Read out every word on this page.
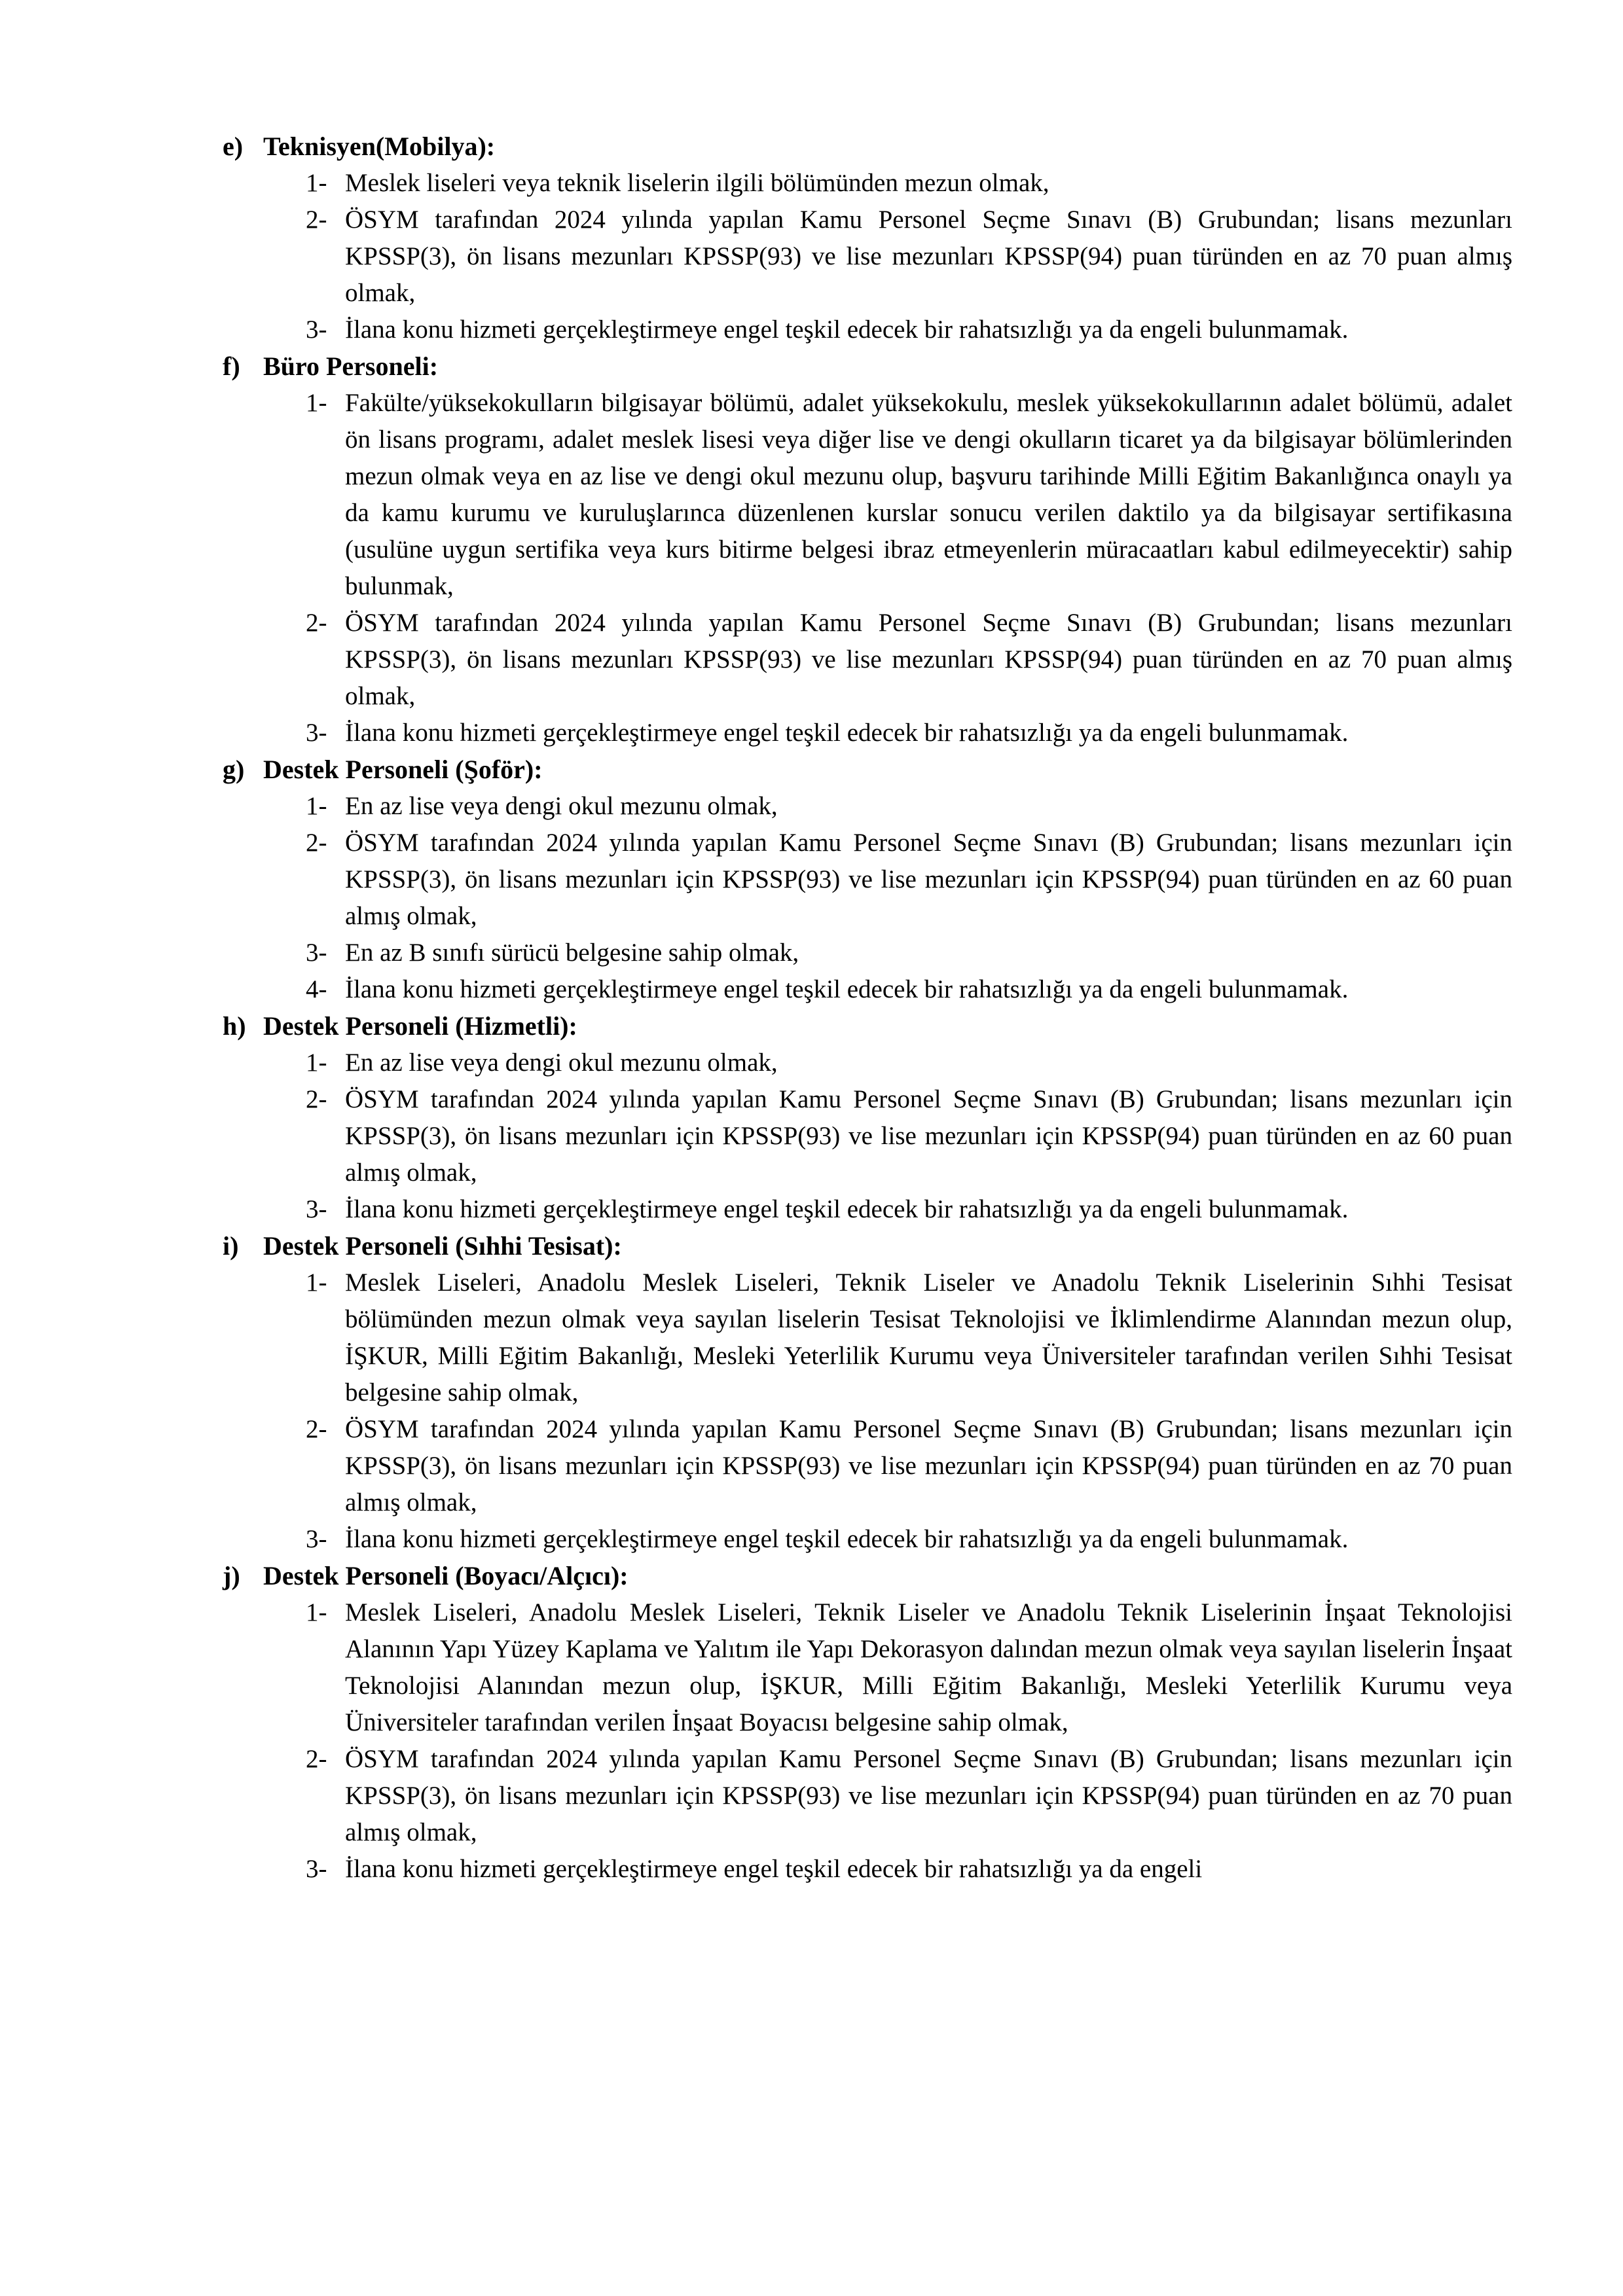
e) Teknisyen(Mobilya):
1- Meslek liseleri veya teknik liselerin ilgili bölümünden mezun olmak,
2- ÖSYM tarafından 2024 yılında yapılan Kamu Personel Seçme Sınavı (B) Grubundan; lisans mezunları KPSSP(3), ön lisans mezunları KPSSP(93) ve lise mezunları KPSSP(94) puan türünden en az 70 puan almış olmak,
3- İlana konu hizmeti gerçekleştirmeye engel teşkil edecek bir rahatsızlığı ya da engeli bulunmamak.
f) Büro Personeli:
1- Fakülte/yüksekokulların bilgisayar bölümü, adalet yüksekokulu, meslek yüksekokullarının adalet bölümü, adalet ön lisans programı, adalet meslek lisesi veya diğer lise ve dengi okulların ticaret ya da bilgisayar bölümlerinden mezun olmak veya en az lise ve dengi okul mezunu olup, başvuru tarihinde Milli Eğitim Bakanlığınca onaylı ya da kamu kurumu ve kuruluşlarınca düzenlenen kurslar sonucu verilen daktilo ya da bilgisayar sertifikasına (usulüne uygun sertifika veya kurs bitirme belgesi ibraz etmeyenlerin müracaatları kabul edilmeyecektir) sahip bulunmak,
2- ÖSYM tarafından 2024 yılında yapılan Kamu Personel Seçme Sınavı (B) Grubundan; lisans mezunları KPSSP(3), ön lisans mezunları KPSSP(93) ve lise mezunları KPSSP(94) puan türünden en az 70 puan almış olmak,
3- İlana konu hizmeti gerçekleştirmeye engel teşkil edecek bir rahatsızlığı ya da engeli bulunmamak.
g) Destek Personeli (Şoför):
1- En az lise veya dengi okul mezunu olmak,
2- ÖSYM tarafından 2024 yılında yapılan Kamu Personel Seçme Sınavı (B) Grubundan; lisans mezunları için KPSSP(3), ön lisans mezunları için KPSSP(93) ve lise mezunları için KPSSP(94) puan türünden en az 60 puan almış olmak,
3- En az B sınıfı sürücü belgesine sahip olmak,
4- İlana konu hizmeti gerçekleştirmeye engel teşkil edecek bir rahatsızlığı ya da engeli bulunmamak.
h) Destek Personeli (Hizmetli):
1- En az lise veya dengi okul mezunu olmak,
2- ÖSYM tarafından 2024 yılında yapılan Kamu Personel Seçme Sınavı (B) Grubundan; lisans mezunları için KPSSP(3), ön lisans mezunları için KPSSP(93) ve lise mezunları için KPSSP(94) puan türünden en az 60 puan almış olmak,
3- İlana konu hizmeti gerçekleştirmeye engel teşkil edecek bir rahatsızlığı ya da engeli bulunmamak.
i) Destek Personeli (Sıhhi Tesisat):
1- Meslek Liseleri, Anadolu Meslek Liseleri, Teknik Liseler ve Anadolu Teknik Liselerinin Sıhhi Tesisat bölümünden mezun olmak veya sayılan liselerin Tesisat Teknolojisi ve İklimlendirme Alanından mezun olup, İŞKUR, Milli Eğitim Bakanlığı, Mesleki Yeterlilik Kurumu veya Üniversiteler tarafından verilen Sıhhi Tesisat belgesine sahip olmak,
2- ÖSYM tarafından 2024 yılında yapılan Kamu Personel Seçme Sınavı (B) Grubundan; lisans mezunları için KPSSP(3), ön lisans mezunları için KPSSP(93) ve lise mezunları için KPSSP(94) puan türünden en az 70 puan almış olmak,
3- İlana konu hizmeti gerçekleştirmeye engel teşkil edecek bir rahatsızlığı ya da engeli bulunmamak.
j) Destek Personeli (Boyacı/Alçıcı):
1- Meslek Liseleri, Anadolu Meslek Liseleri, Teknik Liseler ve Anadolu Teknik Liselerinin İnşaat Teknolojisi Alanının Yapı Yüzey Kaplama ve Yalıtım ile Yapı Dekorasyon dalından mezun olmak veya sayılan liselerin İnşaat Teknolojisi Alanından mezun olup, İŞKUR, Milli Eğitim Bakanlığı, Mesleki Yeterlilik Kurumu veya Üniversiteler tarafından verilen İnşaat Boyacısı belgesine sahip olmak,
2- ÖSYM tarafından 2024 yılında yapılan Kamu Personel Seçme Sınavı (B) Grubundan; lisans mezunları için KPSSP(3), ön lisans mezunları için KPSSP(93) ve lise mezunları için KPSSP(94) puan türünden en az 70 puan almış olmak,
3- İlana konu hizmeti gerçekleştirmeye engel teşkil edecek bir rahatsızlığı ya da engeli
